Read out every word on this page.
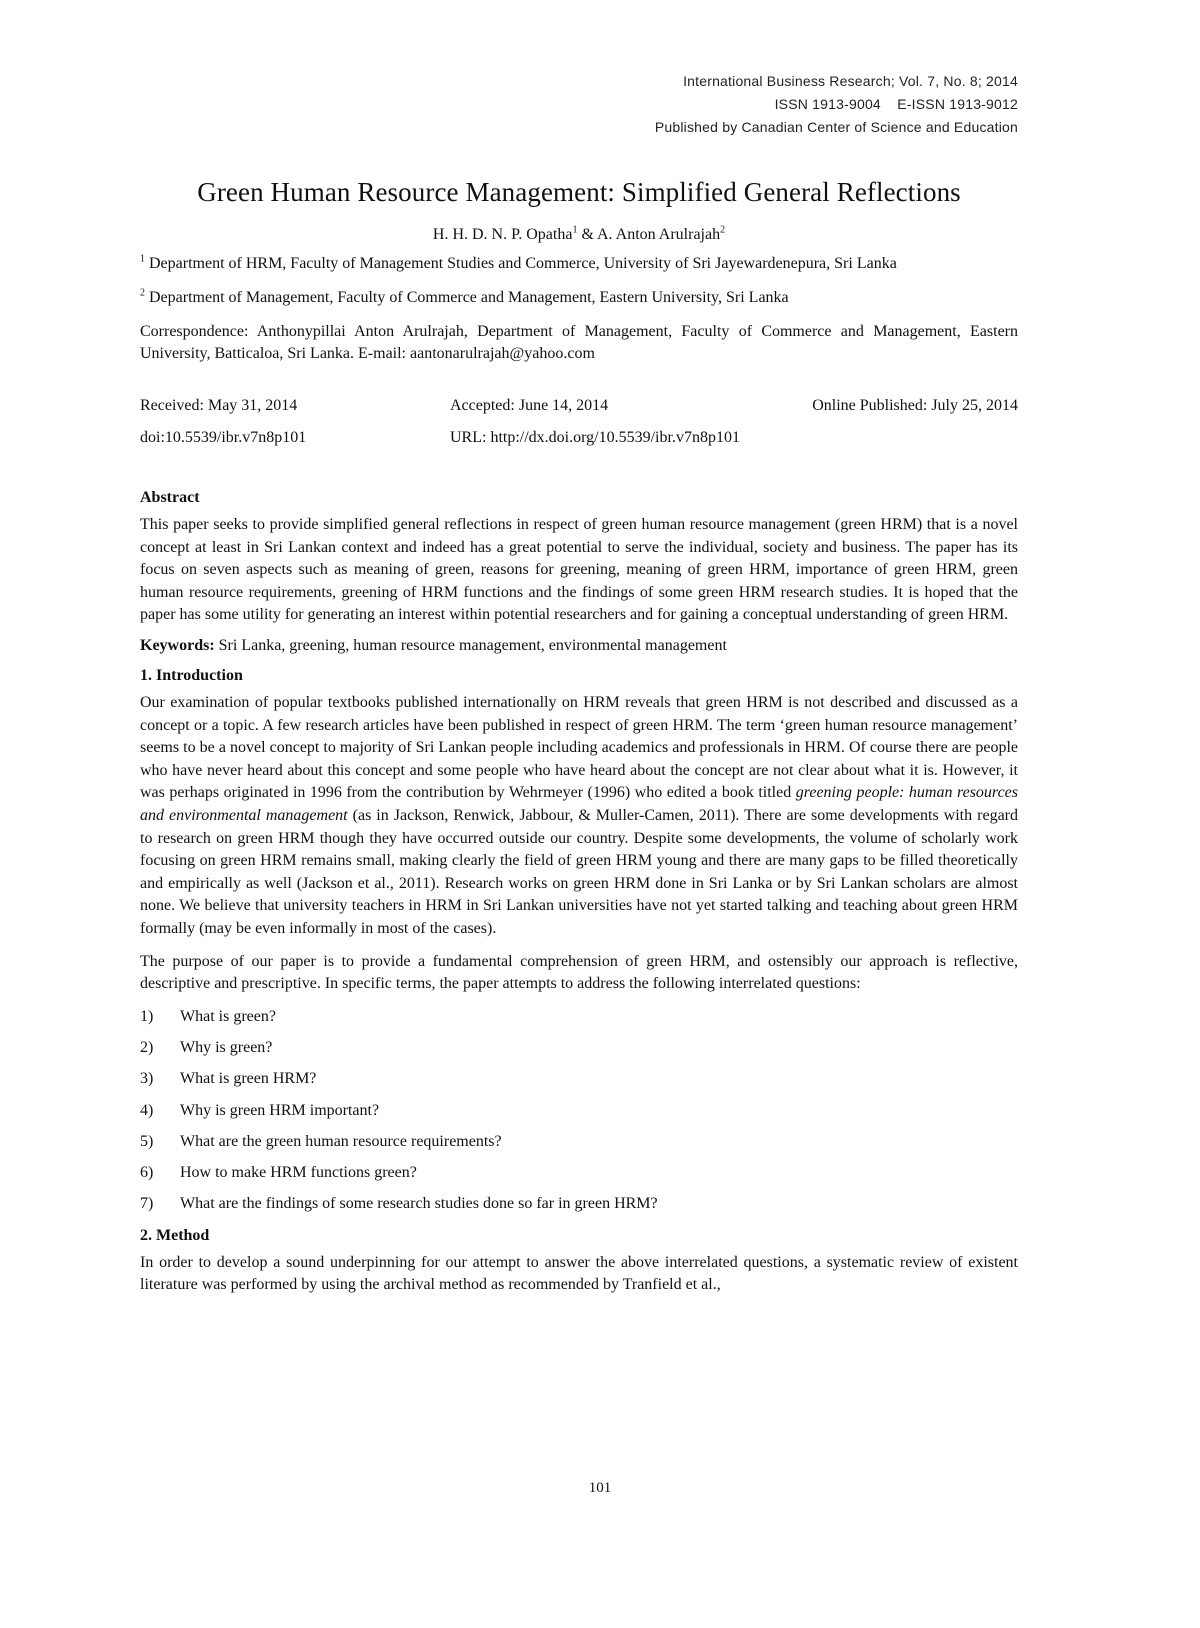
International Business Research; Vol. 7, No. 8; 2014
ISSN 1913-9004    E-ISSN 1913-9012
Published by Canadian Center of Science and Education
Green Human Resource Management: Simplified General Reflections
H. H. D. N. P. Opatha$^1$ & A. Anton Arulrajah$^2$
$^1$ Department of HRM, Faculty of Management Studies and Commerce, University of Sri Jayewardenepura, Sri Lanka
$^2$ Department of Management, Faculty of Commerce and Management, Eastern University, Sri Lanka
Correspondence: Anthonypillai Anton Arulrajah, Department of Management, Faculty of Commerce and Management, Eastern University, Batticaloa, Sri Lanka. E-mail: aantonarulrajah@yahoo.com
Received: May 31, 2014	Accepted: June 14, 2014	Online Published: July 25, 2014
doi:10.5539/ibr.v7n8p101	URL: http://dx.doi.org/10.5539/ibr.v7n8p101
Abstract
This paper seeks to provide simplified general reflections in respect of green human resource management (green HRM) that is a novel concept at least in Sri Lankan context and indeed has a great potential to serve the individual, society and business. The paper has its focus on seven aspects such as meaning of green, reasons for greening, meaning of green HRM, importance of green HRM, green human resource requirements, greening of HRM functions and the findings of some green HRM research studies. It is hoped that the paper has some utility for generating an interest within potential researchers and for gaining a conceptual understanding of green HRM.
Keywords: Sri Lanka, greening, human resource management, environmental management
1. Introduction
Our examination of popular textbooks published internationally on HRM reveals that green HRM is not described and discussed as a concept or a topic. A few research articles have been published in respect of green HRM. The term ‘green human resource management’ seems to be a novel concept to majority of Sri Lankan people including academics and professionals in HRM. Of course there are people who have never heard about this concept and some people who have heard about the concept are not clear about what it is. However, it was perhaps originated in 1996 from the contribution by Wehrmeyer (1996) who edited a book titled greening people: human resources and environmental management (as in Jackson, Renwick, Jabbour, & Muller-Camen, 2011). There are some developments with regard to research on green HRM though they have occurred outside our country. Despite some developments, the volume of scholarly work focusing on green HRM remains small, making clearly the field of green HRM young and there are many gaps to be filled theoretically and empirically as well (Jackson et al., 2011). Research works on green HRM done in Sri Lanka or by Sri Lankan scholars are almost none. We believe that university teachers in HRM in Sri Lankan universities have not yet started talking and teaching about green HRM formally (may be even informally in most of the cases).
The purpose of our paper is to provide a fundamental comprehension of green HRM, and ostensibly our approach is reflective, descriptive and prescriptive. In specific terms, the paper attempts to address the following interrelated questions:
1)	What is green?
2)	Why is green?
3)	What is green HRM?
4)	Why is green HRM important?
5)	What are the green human resource requirements?
6)	How to make HRM functions green?
7)	What are the findings of some research studies done so far in green HRM?
2. Method
In order to develop a sound underpinning for our attempt to answer the above interrelated questions, a systematic review of existent literature was performed by using the archival method as recommended by Tranfield et al.,
101
